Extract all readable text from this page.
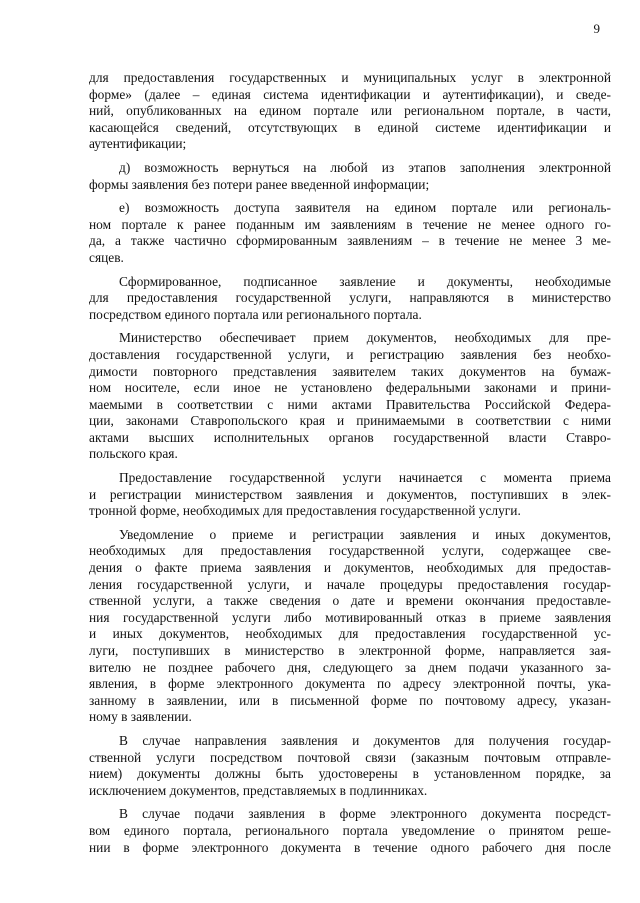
9
для предоставления государственных и муниципальных услуг в электронной
форме» (далее – единая система идентификации и аутентификации), и сведе-
ний, опубликованных на едином портале или региональном портале, в части,
касающейся сведений, отсутствующих в единой системе идентификации и
аутентификации;
д) возможность вернуться на любой из этапов заполнения электронной
формы заявления без потери ранее введенной информации;
е) возможность доступа заявителя на едином портале или региональ-
ном портале к ранее поданным им заявлениям в течение не менее одного го-
да, а также частично сформированным заявлениям – в течение не менее 3 ме-
сяцев.
Сформированное, подписанное заявление и документы, необходимые
для предоставления государственной услуги, направляются в министерство
посредством единого портала или регионального портала.
Министерство обеспечивает прием документов, необходимых для пре-
доставления государственной услуги, и регистрацию заявления без необхо-
димости повторного представления заявителем таких документов на бумаж-
ном носителе, если иное не установлено федеральными законами и прини-
маемыми в соответствии с ними актами Правительства Российской Федера-
ции, законами Ставропольского края и принимаемыми в соответствии с ними
актами высших исполнительных органов государственной власти Ставро-
польского края.
Предоставление государственной услуги начинается с момента приема
и регистрации министерством заявления и документов, поступивших в элек-
тронной форме, необходимых для предоставления государственной услуги.
Уведомление о приеме и регистрации заявления и иных документов,
необходимых для предоставления государственной услуги, содержащее све-
дения о факте приема заявления и документов, необходимых для предостав-
ления государственной услуги, и начале процедуры предоставления государ-
ственной услуги, а также сведения о дате и времени окончания предоставле-
ния государственной услуги либо мотивированный отказ в приеме заявления
и иных документов, необходимых для предоставления государственной ус-
луги, поступивших в министерство в электронной форме, направляется зая-
вителю не позднее рабочего дня, следующего за днем подачи указанного за-
явления, в форме электронного документа по адресу электронной почты, ука-
занному в заявлении, или в письменной форме по почтовому адресу, указан-
ному в заявлении.
В случае направления заявления и документов для получения государ-
ственной услуги посредством почтовой связи (заказным почтовым отправле-
нием) документы должны быть удостоверены в установленном порядке, за
исключением документов, представляемых в подлинниках.
В случае подачи заявления в форме электронного документа посредст-
вом единого портала, регионального портала уведомление о принятом реше-
нии в форме электронного документа в течение одного рабочего дня после
